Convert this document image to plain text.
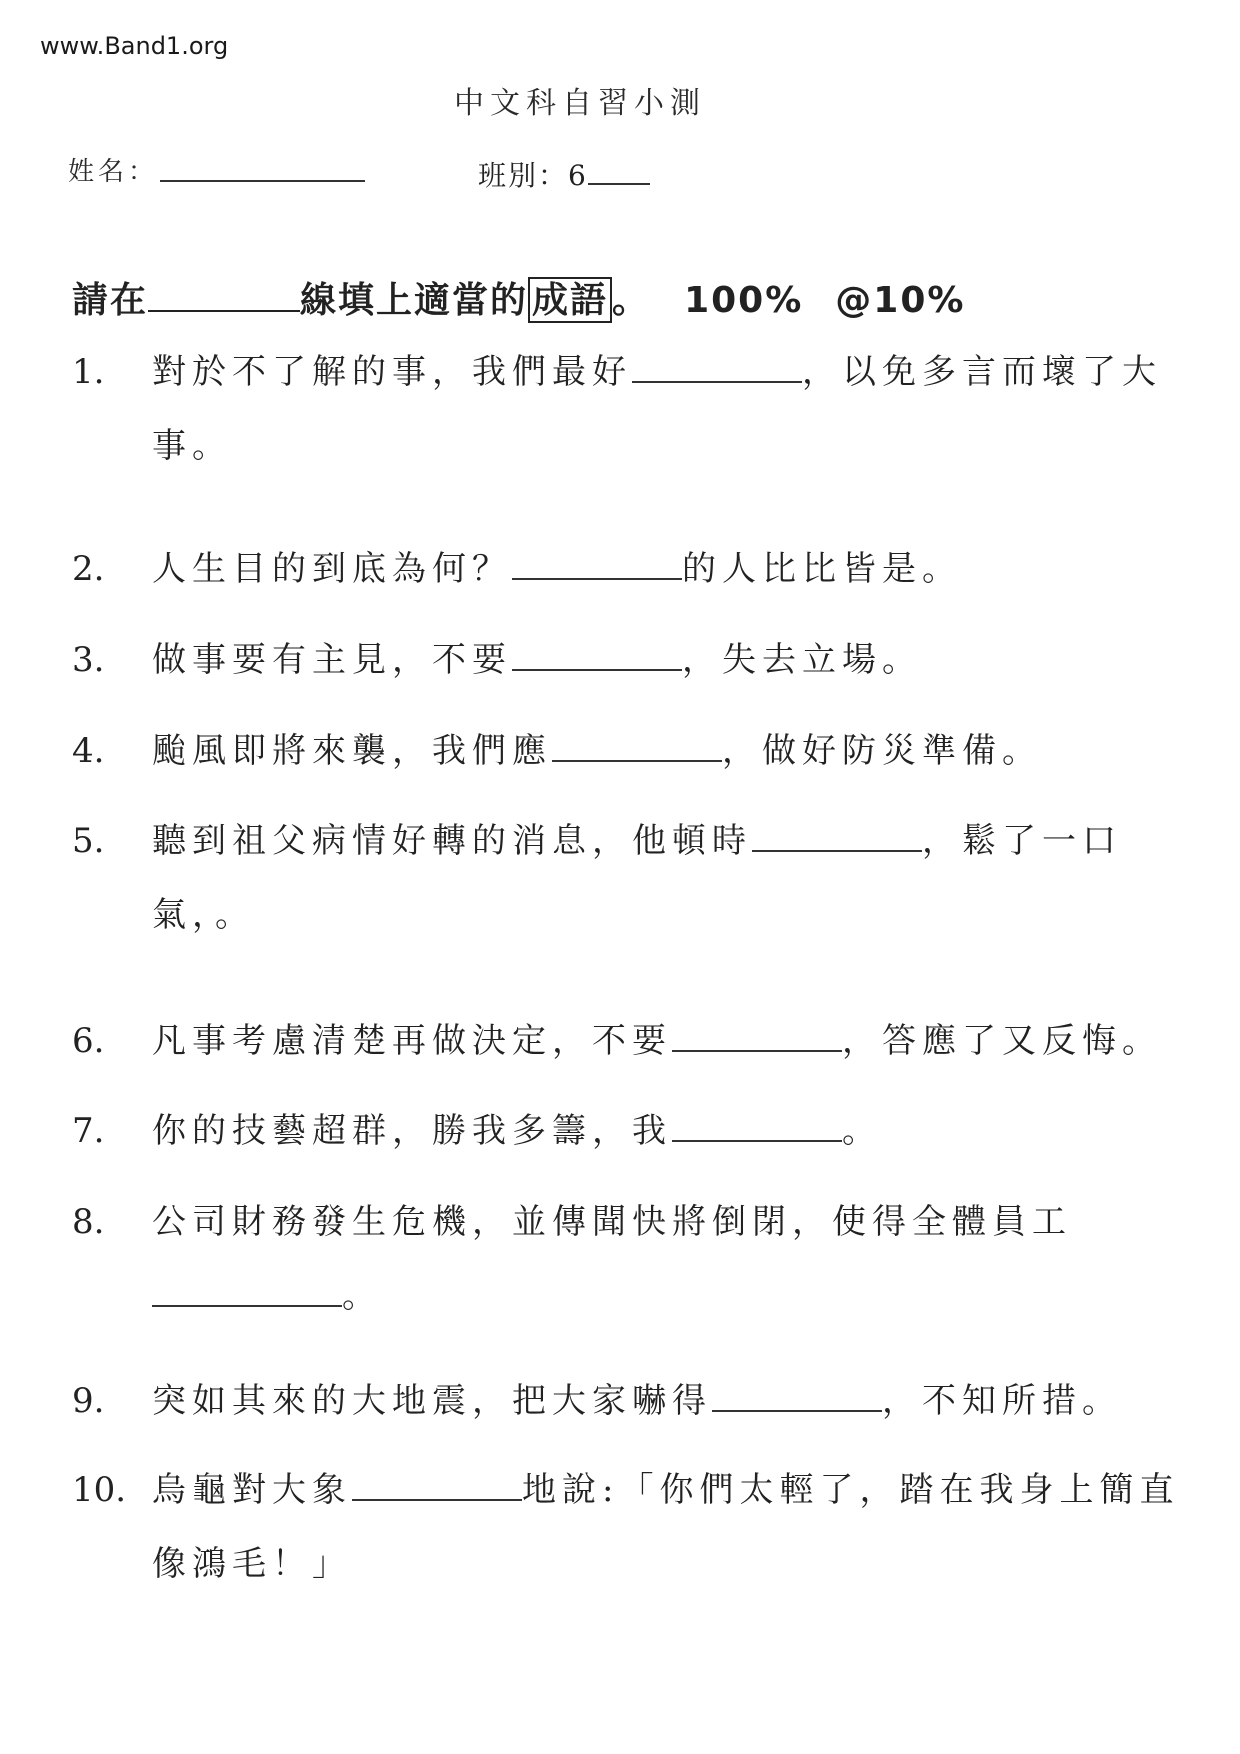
www.Band1.org
中文科自習小測
姓名：	班別：6
請在	線填上適當的 成語 。 100% @10%
1. 對於不了解的事，我們最好	，以免多言而壞了大
事。
2. 人生目的到底為何？	的人比比皆是。
3. 做事要有主見，不要	，失去立場。
4. 颱風即將來襲，我們應	，做好防災準備。
5. 聽到祖父病情好轉的消息，他頓時	，鬆了一口
氣，。
6. 凡事考慮清楚再做決定，不要	，答應了又反悔。
7. 你的技藝超群，勝我多籌，我	。
8. 公司財務發生危機，並傳聞快將倒閉，使得全體員工
。
9. 突如其來的大地震，把大家嚇得	，不知所措。
10. 烏龜對大象	地說:「你們太輕了，踏在我身上簡直
像鴻毛！」
